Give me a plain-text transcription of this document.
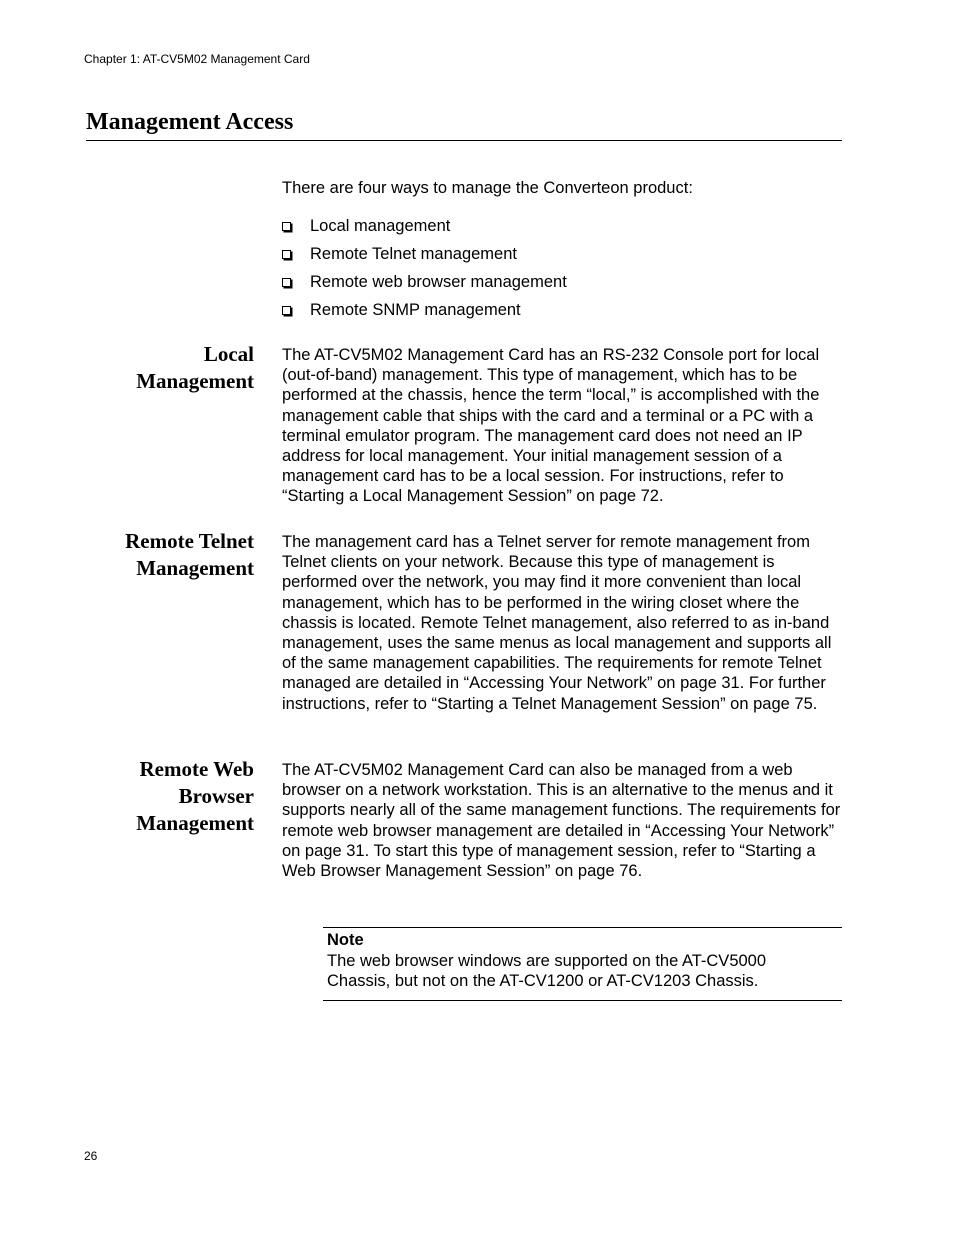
Chapter 1: AT-CV5M02 Management Card
Management Access

There are four ways to manage the Converteon product:

Local management
Remote Telnet management
Remote web browser management
Remote SNMP management
Local
Management

The AT-CV5M02 Management Card has an RS-232 Console port for local (out-of-band) management. This type of management, which has to be performed at the chassis, hence the term “local,” is accomplished with the management cable that ships with the card and a terminal or a PC with a terminal emulator program. The management card does not need an IP address for local management. Your initial management session of a management card has to be a local session. For instructions, refer to “Starting a Local Management Session” on page 72.

Remote Telnet
Management

The management card has a Telnet server for remote management from Telnet clients on your network. Because this type of management is performed over the network, you may find it more convenient than local management, which has to be performed in the wiring closet where the chassis is located. Remote Telnet management, also referred to as in-band management, uses the same menus as local management and supports all of the same management capabilities. The requirements for remote Telnet managed are detailed in “Accessing Your Network” on page 31. For further instructions, refer to “Starting a Telnet Management Session” on page 75.

Remote Web
Browser
Management

The AT-CV5M02 Management Card can also be managed from a web browser on a network workstation. This is an alternative to the menus and it supports nearly all of the same management functions. The requirements for remote web browser management are detailed in “Accessing Your Network” on page 31. To start this type of management session, refer to “Starting a Web Browser Management Session” on page 76.

Note

The web browser windows are supported on the AT-CV5000 Chassis, but not on the AT-CV1200 or AT-CV1203 Chassis.

26
